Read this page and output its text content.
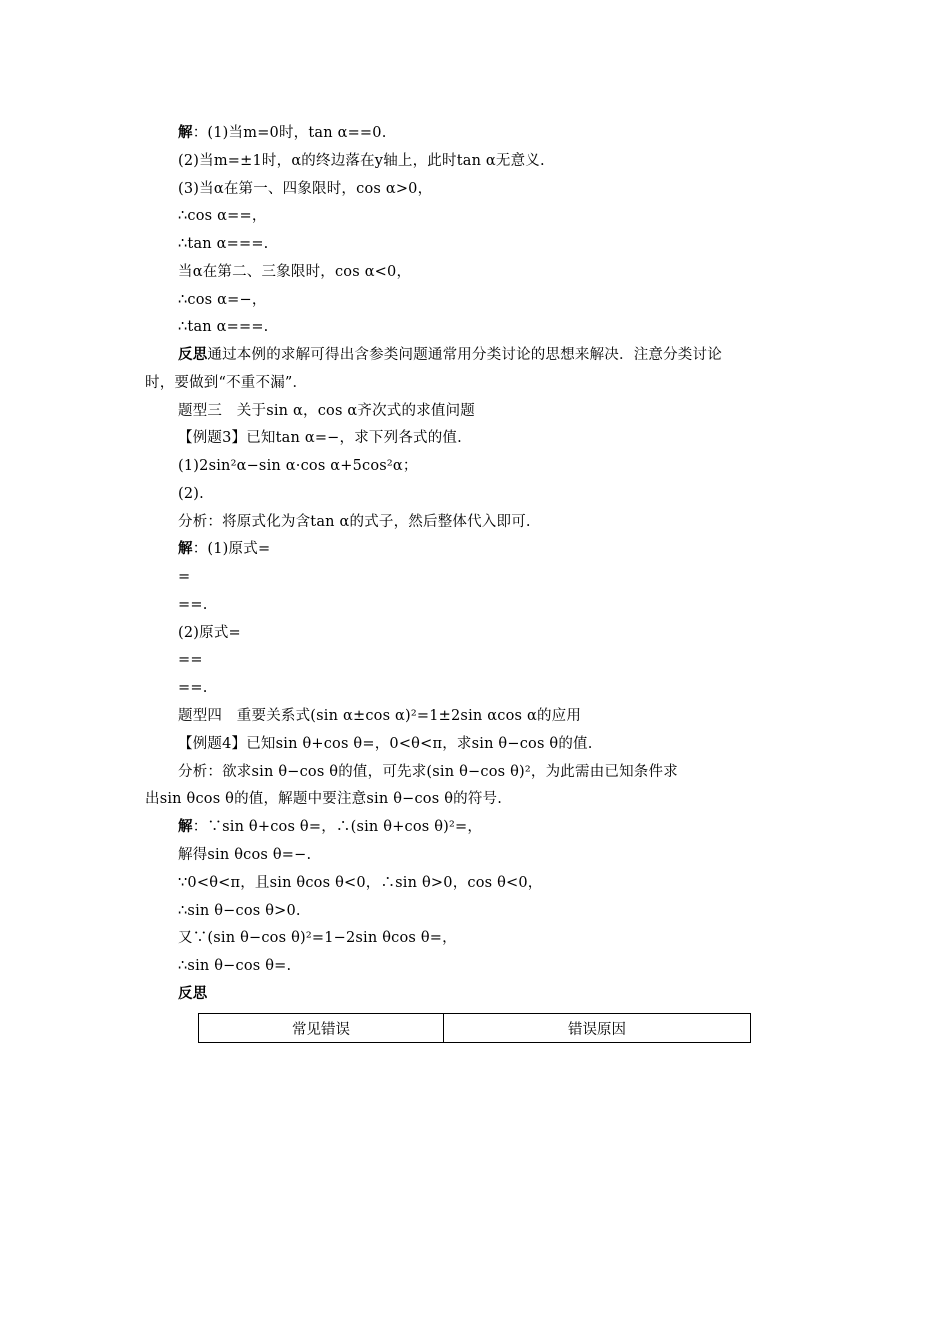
解：(1)当m=0时，tan α==0.
(2)当m=±1时，α的终边落在y轴上，此时tan α无意义.
(3)当α在第一、四象限时，cos α>0，
∴cos α==，
∴tan α===.
当α在第二、三象限时，cos α<0，
∴cos α=−，
∴tan α===.
反思通过本例的求解可得出含参类问题通常用分类讨论的思想来解决．注意分类讨论
时，要做到“不重不漏”．
题型三　关于sin α，cos α齐次式的求值问题
【例题3】已知tan α=−，求下列各式的值.
(1)2sin²α−sin α·cos α+5cos²α；
(2).
分析：将原式化为含tan α的式子，然后整体代入即可.
解：(1)原式=
=
==.
(2)原式=
==
==.
题型四　重要关系式(sin α±cos α)²=1±2sin αcos α的应用
【例题4】已知sin θ+cos θ=，0<θ<π，求sin θ−cos θ的值.
分析：欲求sin θ−cos θ的值，可先求(sin θ−cos θ)²，为此需由已知条件求
出sin θcos θ的值，解题中要注意sin θ−cos θ的符号.
解：∵sin θ+cos θ=，∴(sin θ+cos θ)²=，
解得sin θcos θ=−.
∵0<θ<π，且sin θcos θ<0，∴sin θ>0，cos θ<0，
∴sin θ−cos θ>0.
又∵(sin θ−cos θ)²=1−2sin θcos θ=，
∴sin θ−cos θ=.
反思
常见错误	错误原因
